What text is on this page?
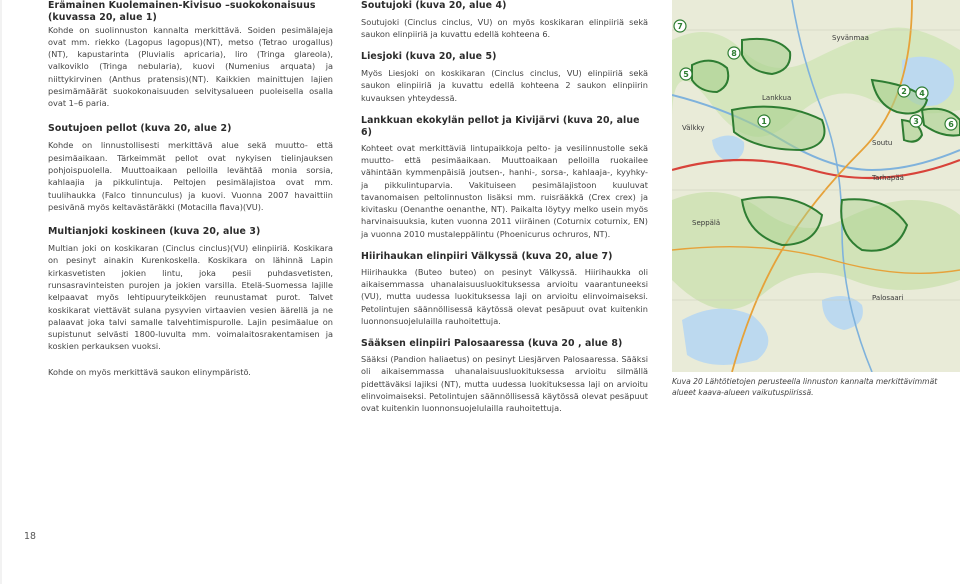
Erämainen Kuolemainen-Kivisuo –suokokonaisuus (kuvassa 20, alue 1)

Kohde on suolinnuston kannalta merkittävä. Soiden pesimälajeja ovat mm. riekko (Lagopus lagopus)(NT), metso (Tetrao urogallus)(NT), kapustarinta (Pluvialis apricaria), liro (Tringa glareola), valkoviklo (Tringa nebularia), kuovi (Numenius arquata) ja niittykirvinen (Anthus pratensis)(NT). Kaikkien mainittujen lajien pesimämäärät suokokonaisuuden selvitysalueen puoleisella osalla ovat 1–6 paria.

Soutujoen pellot (kuva 20, alue 2)

Kohde on linnustollisesti merkittävä alue sekä muutto- että pesimäaikaan. Tärkeimmät pellot ovat nykyisen tielinjauksen pohjoispuolella. Muuttoaikaan pelloilla levähtää monia sorsia, kahlaajia ja pikkulintuja. Peltojen pesimälajistoa ovat mm. tuulihaukka (Falco tinnunculus) ja kuovi. Vuonna 2007 havaittiin pesivänä myös keltavästäräkki (Motacilla flava)(VU).

Multianjoki koskineen (kuva 20, alue 3)

Multian joki on koskikaran (Cinclus cinclus)(VU) elinpiiriä. Koskikara on pesinyt ainakin Kurenkoskella. Koskikara on lähinnä Lapin kirkasvetisten jokien lintu, joka pesii puhdasvetisten, runsasravinteisten purojen ja jokien varsilla. Etelä-Suomessa lajille kelpaavat myös lehtipuuryteikköjen reunustamat purot. Talvet koskikarat viettävät sulana pysyvien virtaavien vesien äärellä ja ne palaavat joka talvi samalle talvehtimispurolle. Lajin pesimäalue on supistunut selvästi 1800-luvulta mm. voimalaitosrakentamisen ja koskien perkauksen vuoksi.

Kohde on myös merkittävä saukon elinympäristö.

Soutujoki (kuva 20, alue 4)

Soutujoki (Cinclus cinclus, VU) on myös koskikaran elinpiiriä sekä saukon elinpiiriä ja kuvattu edellä kohteena 6.

Liesjoki (kuva 20, alue 5)

Myös Liesjoki on koskikaran (Cinclus cinclus, VU) elinpiiriä sekä saukon elinpiiriä ja kuvattu edellä kohteena 2 saukon elinpiirin kuvauksen yhteydessä.

Lankkuan ekokylän pellot ja Kivijärvi (kuva 20, alue 6)

Kohteet ovat merkittäviä lintupaikkoja pelto- ja vesilinnustolle sekä muutto- että pesimäaikaan. Muuttoaikaan pelloilla ruokailee vähintään kymmenpäisiä joutsen-, hanhi-, sorsa-, kahlaaja-, kyyhky- ja pikkulintuparvia. Vakituiseen pesimälajistoon kuuluvat tavanomaisen peltolinnuston lisäksi mm. ruisrääkkä (Crex crex) ja kivitasku (Oenanthe oenanthe, NT). Paikalta löytyy melko usein myös harvinaisuuksia, kuten vuonna 2011 viiräinen (Coturnix coturnix, EN) ja vuonna 2010 mustaleppälintu (Phoenicurus ochruros, NT).

Hiirihaukan elinpiiri Välkyssä (kuva 20, alue 7)

Hiirihaukka (Buteo buteo) on pesinyt Välkyssä. Hiirihaukka oli aikaisemmassa uhanalaisuusluokituksessa arvioitu vaarantuneeksi (VU), mutta uudessa luokituksessa laji on arvioitu elinvoimaiseksi. Petolintujen säännöllisessä käytössä olevat pesäpuut ovat kuitenkin luonnonsuojelulailla rauhoitettuja.

Sääksen elinpiiri Palosaaressa (kuva 20 , alue 8)

Sääksi (Pandion haliaetus) on pesinyt Liesjärven Palosaaressa. Sääksi oli aikaisemmassa uhanalaisuusluokituksessa arvioitu silmällä pidettäväksi lajiksi (NT), mutta uudessa luokituksessa laji on arvioitu elinvoimaiseksi. Petolintujen säännöllisessä käytössä olevat pesäpuut ovat kuitenkin luonnonsuojelulailla rauhoitettuja.

Syvänmaa
Lankkua
Välkky
Soutu
Seppälä
Tarhapää
Palosaari
7
8
5
2 4
1	3	6
Kuva 20 Lähtötietojen perusteella linnuston kannalta merkittävimmät alueet kaava-alueen vaikutuspiirissä.
18
